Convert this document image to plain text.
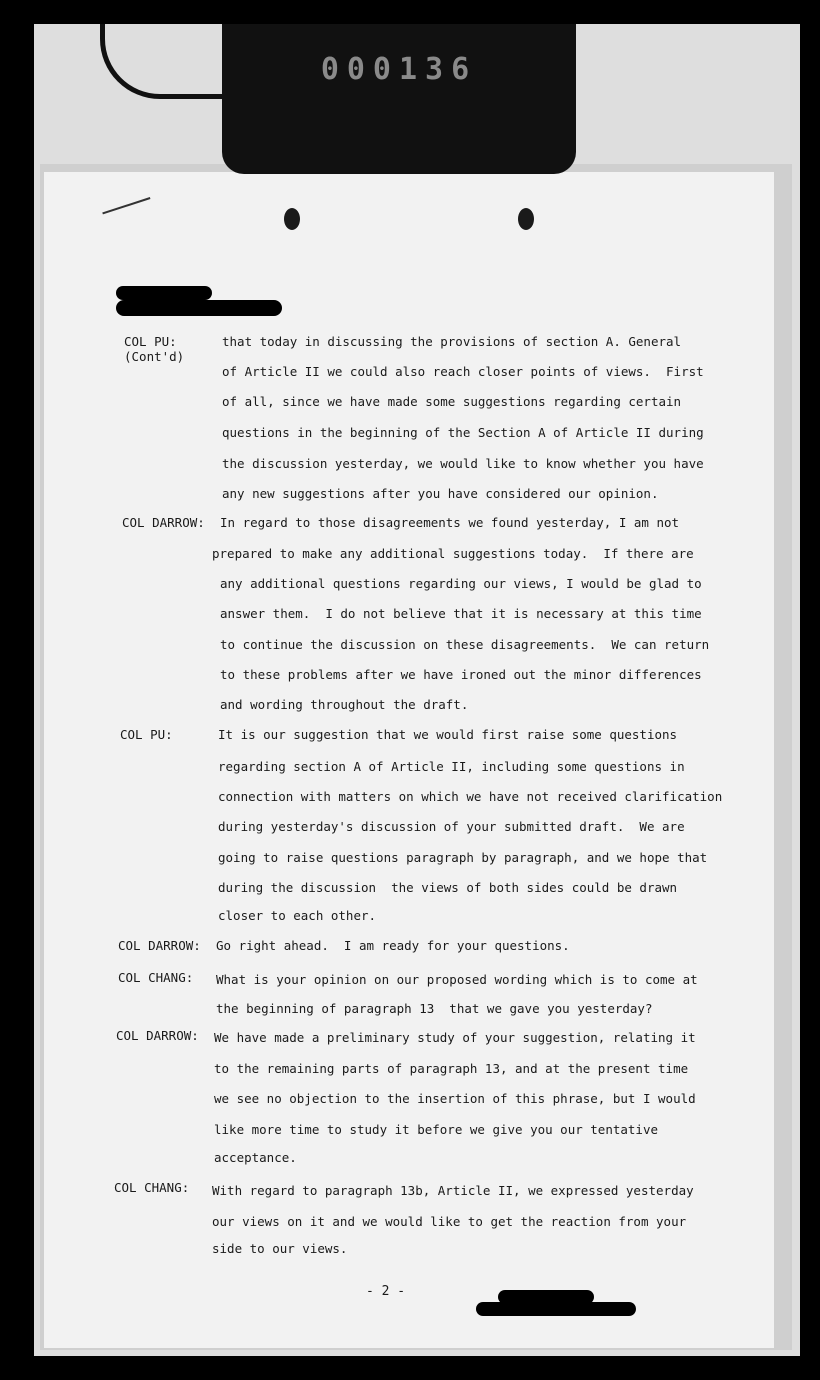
000136
COL PU:
(Cont'd)
that today in discussing the provisions of section A. General
of Article II we could also reach closer points of views.  First
of all, since we have made some suggestions regarding certain
questions in the beginning of the Section A of Article II during
the discussion yesterday, we would like to know whether you have
any new suggestions after you have considered our opinion.
COL DARROW: In regard to those disagreements we found yesterday, I am not
prepared to make any additional suggestions today.  If there are
any additional questions regarding our views, I would be glad to
answer them.  I do not believe that it is necessary at this time
to continue the discussion on these disagreements.  We can return
to these problems after we have ironed out the minor differences
and wording throughout the draft.
COL PU:	It is our suggestion that we would first raise some questions
regarding section A of Article II, including some questions in
connection with matters on which we have not received clarification
during yesterday's discussion of your submitted draft.  We are
going to raise questions paragraph by paragraph, and we hope that
during the discussion  the views of both sides could be drawn
closer to each other.
COL DARROW: Go right ahead.  I am ready for your questions.
COL CHANG: What is your opinion on our proposed wording which is to come at
the beginning of paragraph 13  that we gave you yesterday?
COL DARROW: We have made a preliminary study of your suggestion, relating it
to the remaining parts of paragraph 13, and at the present time
we see no objection to the insertion of this phrase, but I would
like more time to study it before we give you our tentative
acceptance.
COL CHANG: With regard to paragraph 13b, Article II, we expressed yesterday
our views on it and we would like to get the reaction from your
side to our views.
- 2 -
